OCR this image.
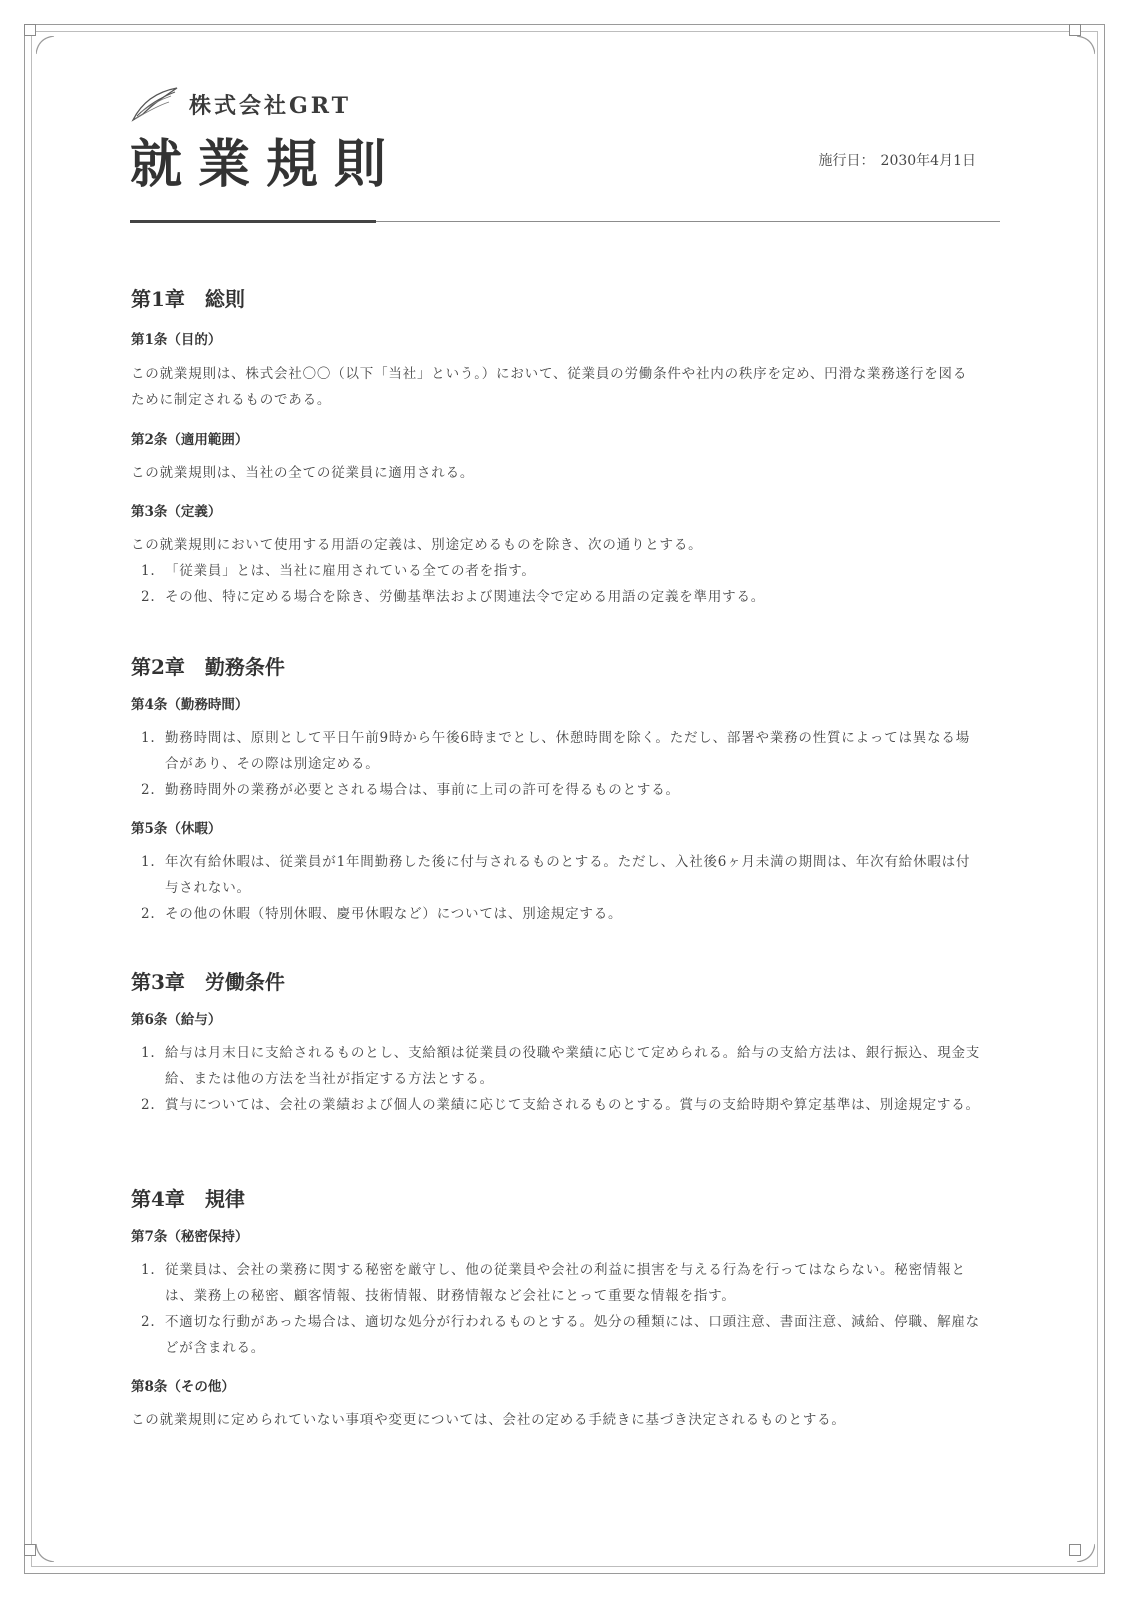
株式会社GRT
就業規則	施行日： 2030年4月1日
第1章　総則
第1条（目的）
この就業規則は、株式会社〇〇（以下「当社」という。）において、従業員の労働条件や社内の秩序を定め、円滑な業務遂行を図るために制定されるものである。
第2条（適用範囲）
この就業規則は、当社の全ての従業員に適用される。
第3条（定義）
この就業規則において使用する用語の定義は、別途定めるものを除き、次の通りとする。
1. 「従業員」とは、当社に雇用されている全ての者を指す。
2. その他、特に定める場合を除き、労働基準法および関連法令で定める用語の定義を準用する。
第2章　勤務条件
第4条（勤務時間）
1. 勤務時間は、原則として平日午前9時から午後6時までとし、休憩時間を除く。ただし、部署や業務の性質によっては異なる場合があり、その際は別途定める。
2. 勤務時間外の業務が必要とされる場合は、事前に上司の許可を得るものとする。
第5条（休暇）
1. 年次有給休暇は、従業員が1年間勤務した後に付与されるものとする。ただし、入社後6ヶ月未満の期間は、年次有給休暇は付与されない。
2. その他の休暇（特別休暇、慶弔休暇など）については、別途規定する。
第3章　労働条件
第6条（給与）
1. 給与は月末日に支給されるものとし、支給額は従業員の役職や業績に応じて定められる。給与の支給方法は、銀行振込、現金支給、または他の方法を当社が指定する方法とする。
2. 賞与については、会社の業績および個人の業績に応じて支給されるものとする。賞与の支給時期や算定基準は、別途規定する。
第4章　規律
第7条（秘密保持）
1. 従業員は、会社の業務に関する秘密を厳守し、他の従業員や会社の利益に損害を与える行為を行ってはならない。秘密情報とは、業務上の秘密、顧客情報、技術情報、財務情報など会社にとって重要な情報を指す。
2. 不適切な行動があった場合は、適切な処分が行われるものとする。処分の種類には、口頭注意、書面注意、減給、停職、解雇などが含まれる。
第8条（その他）
この就業規則に定められていない事項や変更については、会社の定める手続きに基づき決定されるものとする。
